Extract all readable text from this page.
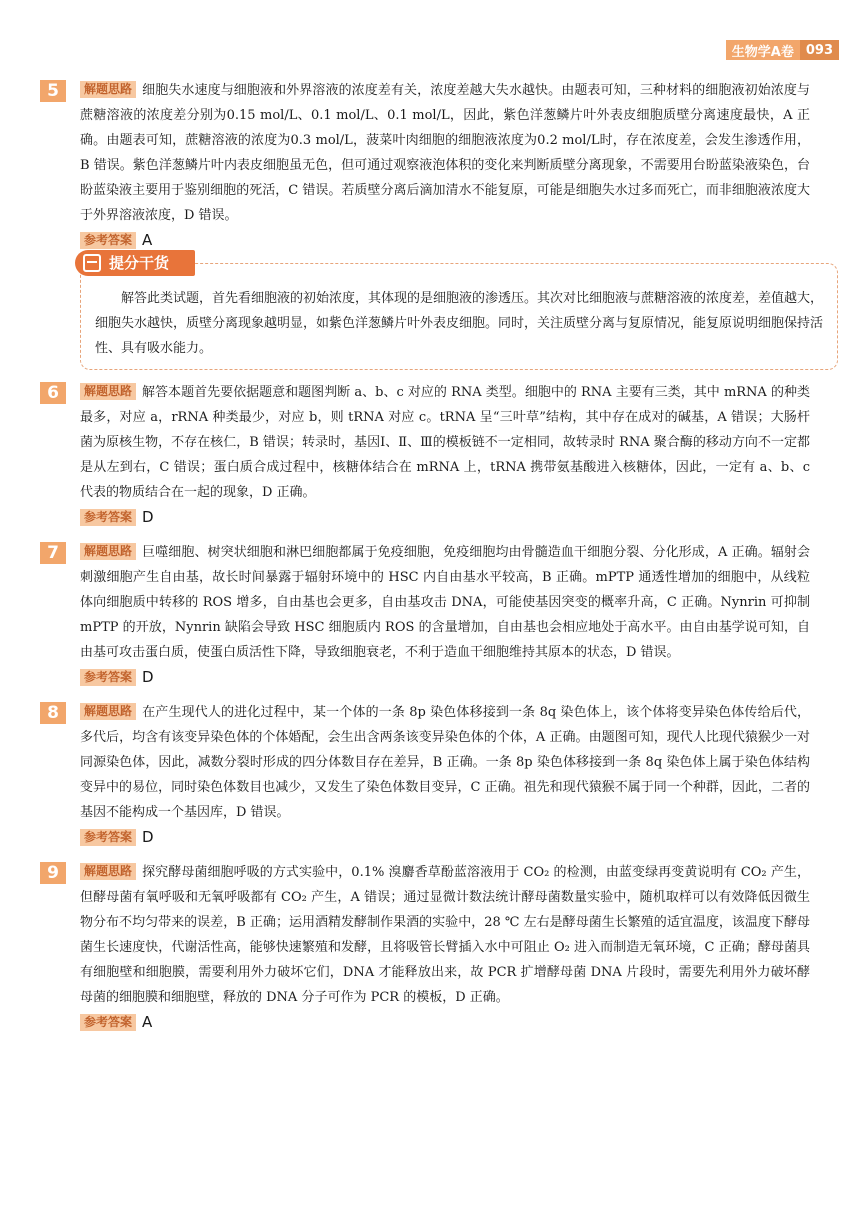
生物学A卷 093
5	解题思路 细胞失水速度与细胞液和外界溶液的浓度差有关，浓度差越大失水越快。由题表可知，三种材料的细胞液初始浓度与蔗糖溶液的浓度差分别为0.15 mol/L、0.1 mol/L、0.1 mol/L，因此，紫色洋葱鳞片叶外表皮细胞质壁分离速度最快，A 正确。由题表可知，蔗糖溶液的浓度为0.3 mol/L，菠菜叶肉细胞的细胞液浓度为0.2 mol/L时，存在浓度差，会发生渗透作用，B 错误。紫色洋葱鳞片叶内表皮细胞虽无色，但可通过观察液泡体积的变化来判断质壁分离现象，不需要用台盼蓝染液染色，台盼蓝染液主要用于鉴别细胞的死活，C 错误。若质壁分离后滴加清水不能复原，可能是细胞失水过多而死亡，而非细胞液浓度大于外界溶液浓度，D 错误。
参考答案 A
提分干货
解答此类试题，首先看细胞液的初始浓度，其体现的是细胞液的渗透压。其次对比细胞液与蔗糖溶液的浓度差，差值越大，细胞失水越快，质壁分离现象越明显，如紫色洋葱鳞片叶外表皮细胞。同时，关注质壁分离与复原情况，能复原说明细胞保持活性、具有吸水能力。
6	解题思路 解答本题首先要依据题意和题图判断 a、b、c 对应的 RNA 类型。细胞中的 RNA 主要有三类，其中 mRNA 的种类最多，对应 a，rRNA 种类最少，对应 b，则 tRNA 对应 c。tRNA 呈“三叶草”结构，其中存在成对的碱基，A 错误；大肠杆菌为原核生物，不存在核仁，B 错误；转录时，基因Ⅰ、Ⅱ、Ⅲ的模板链不一定相同，故转录时 RNA 聚合酶的移动方向不一定都是从左到右，C 错误；蛋白质合成过程中，核糖体结合在 mRNA 上，tRNA 携带氨基酸进入核糖体，因此，一定有 a、b、c 代表的物质结合在一起的现象，D 正确。
参考答案 D
7	解题思路 巨噬细胞、树突状细胞和淋巴细胞都属于免疫细胞，免疫细胞均由骨髓造血干细胞分裂、分化形成，A 正确。辐射会刺激细胞产生自由基，故长时间暴露于辐射环境中的 HSC 内自由基水平较高，B 正确。mPTP 通透性增加的细胞中，从线粒体向细胞质中转移的 ROS 增多，自由基也会更多，自由基攻击 DNA，可能使基因突变的概率升高，C 正确。Nynrin 可抑制 mPTP 的开放，Nynrin 缺陷会导致 HSC 细胞质内 ROS 的含量增加，自由基也会相应地处于高水平。由自由基学说可知，自由基可攻击蛋白质，使蛋白质活性下降，导致细胞衰老，不利于造血干细胞维持其原本的状态，D 错误。
参考答案 D
8	解题思路 在产生现代人的进化过程中，某一个体的一条 8p 染色体移接到一条 8q 染色体上，该个体将变异染色体传给后代，多代后，均含有该变异染色体的个体婚配，会生出含两条该变异染色体的个体，A 正确。由题图可知，现代人比现代猿猴少一对同源染色体，因此，减数分裂时形成的四分体数目存在差异，B 正确。一条 8p 染色体移接到一条 8q 染色体上属于染色体结构变异中的易位，同时染色体数目也减少，又发生了染色体数目变异，C 正确。祖先和现代猿猴不属于同一个种群，因此，二者的基因不能构成一个基因库，D 错误。
参考答案 D
9	解题思路 探究酵母菌细胞呼吸的方式实验中，0.1% 溴麝香草酚蓝溶液用于 CO₂ 的检测，由蓝变绿再变黄说明有 CO₂ 产生，但酵母菌有氧呼吸和无氧呼吸都有 CO₂ 产生，A 错误；通过显微计数法统计酵母菌数量实验中，随机取样可以有效降低因微生物分布不均匀带来的误差，B 正确；运用酒精发酵制作果酒的实验中，28 ℃ 左右是酵母菌生长繁殖的适宜温度，该温度下酵母菌生长速度快，代谢活性高，能够快速繁殖和发酵，且将吸管长臂插入水中可阻止 O₂ 进入而制造无氧环境，C 正确；酵母菌具有细胞壁和细胞膜，需要利用外力破坏它们，DNA 才能释放出来，故 PCR 扩增酵母菌 DNA 片段时，需要先利用外力破坏酵母菌的细胞膜和细胞壁，释放的 DNA 分子可作为 PCR 的模板，D 正确。
参考答案 A
